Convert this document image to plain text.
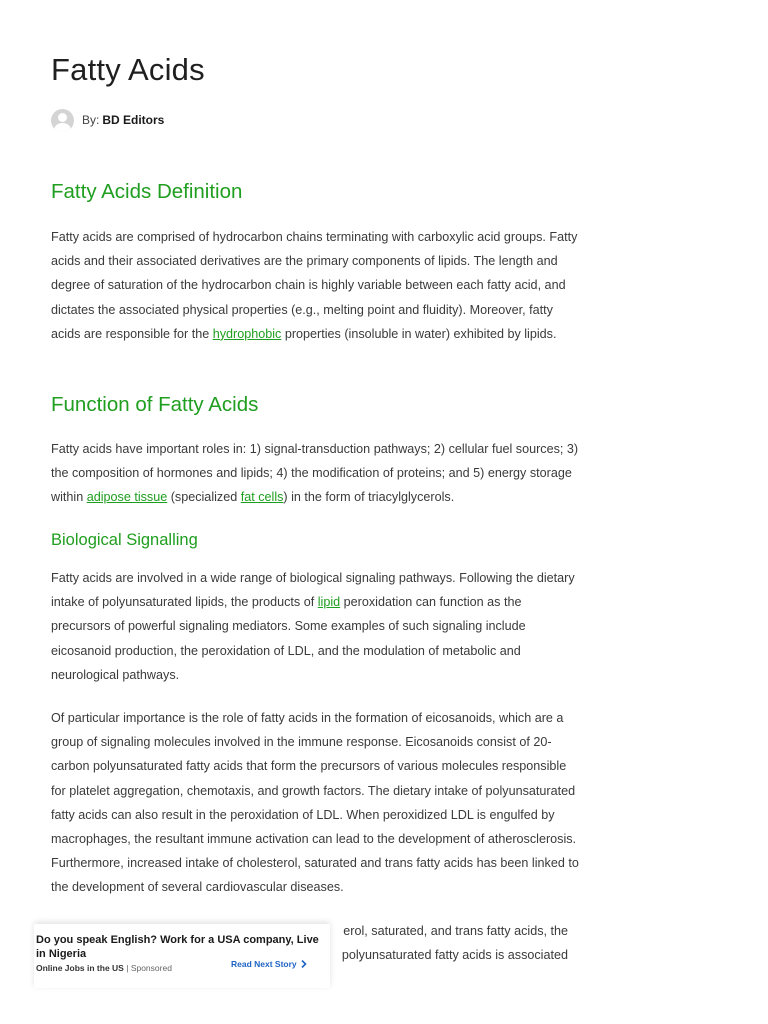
Fatty Acids
By: BD Editors
Fatty Acids Definition

Fatty acids are comprised of hydrocarbon chains terminating with carboxylic acid groups. Fatty acids and their associated derivatives are the primary components of lipids. The length and degree of saturation of the hydrocarbon chain is highly variable between each fatty acid, and dictates the associated physical properties (e.g., melting point and fluidity). Moreover, fatty acids are responsible for the hydrophobic properties (insoluble in water) exhibited by lipids.

Function of Fatty Acids

Fatty acids have important roles in: 1) signal-transduction pathways; 2) cellular fuel sources; 3) the composition of hormones and lipids; 4) the modification of proteins; and 5) energy storage within adipose tissue (specialized fat cells) in the form of triacylglycerols.

Biological Signalling

Fatty acids are involved in a wide range of biological signaling pathways. Following the dietary intake of polyunsaturated lipids, the products of lipid peroxidation can function as the precursors of powerful signaling mediators. Some examples of such signaling include eicosanoid production, the peroxidation of LDL, and the modulation of metabolic and neurological pathways.

Of particular importance is the role of fatty acids in the formation of eicosanoids, which are a group of signaling molecules involved in the immune response. Eicosanoids consist of 20-carbon polyunsaturated fatty acids that form the precursors of various molecules responsible for platelet aggregation, chemotaxis, and growth factors. The dietary intake of polyunsaturated fatty acids can also result in the peroxidation of LDL. When peroxidized LDL is engulfed by macrophages, the resultant immune activation can lead to the development of atherosclerosis. Furthermore, increased intake of cholesterol, saturated and trans fatty acids has been linked to the development of several cardiovascular diseases.

erol, saturated, and trans fatty acids, the
polyunsaturated fatty acids is associated

Do you speak English? Work for a USA company, Live in Nigeria
Online Jobs in the US | Sponsored	Read Next Story
